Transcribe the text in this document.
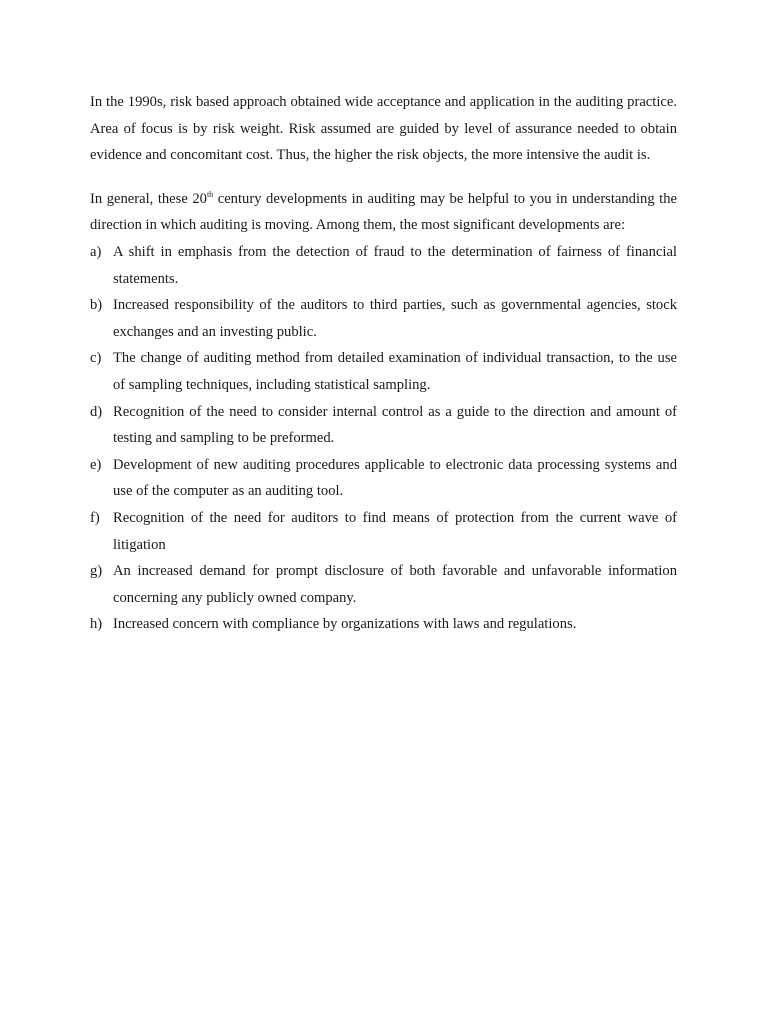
In the 1990s, risk based approach obtained wide acceptance and application in the auditing practice. Area of focus is by risk weight. Risk assumed are guided by level of assurance needed to obtain evidence and concomitant cost. Thus, the higher the risk objects, the more intensive the audit is.

In general, these 20th century developments in auditing may be helpful to you in understanding the direction in which auditing is moving. Among them, the most significant developments are:

a) A shift in emphasis from the detection of fraud to the determination of fairness of financial statements.
b) Increased responsibility of the auditors to third parties, such as governmental agencies, stock exchanges and an investing public.
c) The change of auditing method from detailed examination of individual transaction, to the use of sampling techniques, including statistical sampling.
d) Recognition of the need to consider internal control as a guide to the direction and amount of testing and sampling to be preformed.
e) Development of new auditing procedures applicable to electronic data processing systems and use of the computer as an auditing tool.
f) Recognition of the need for auditors to find means of protection from the current wave of litigation
g) An increased demand for prompt disclosure of both favorable and unfavorable information concerning any publicly owned company.
h) Increased concern with compliance by organizations with laws and regulations.
